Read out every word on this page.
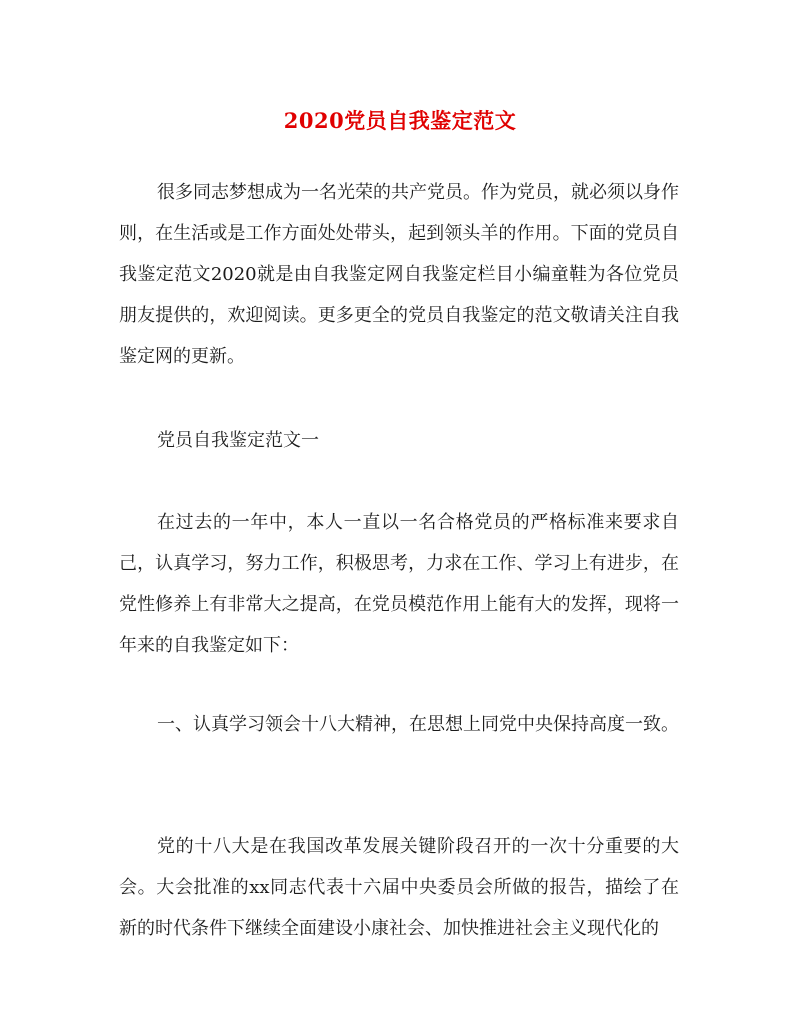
2020党员自我鉴定范文

很多同志梦想成为一名光荣的共产党员。作为党员，就必须以身作则，在生活或是工作方面处处带头，起到领头羊的作用。下面的党员自我鉴定范文2020就是由自我鉴定网自我鉴定栏目小编童鞋为各位党员朋友提供的，欢迎阅读。更多更全的党员自我鉴定的范文敬请关注自我鉴定网的更新。

党员自我鉴定范文一

在过去的一年中，本人一直以一名合格党员的严格标准来要求自己，认真学习，努力工作，积极思考，力求在工作、学习上有进步，在党性修养上有非常大之提高，在党员模范作用上能有大的发挥，现将一年来的自我鉴定如下：

一、认真学习领会十八大精神，在思想上同党中央保持高度一致。

党的十八大是在我国改革发展关键阶段召开的一次十分重要的大会。大会批准的xx同志代表十六届中央委员会所做的报告，描绘了在新的时代条件下继续全面建设小康社会、加快推进社会主义现代化的
